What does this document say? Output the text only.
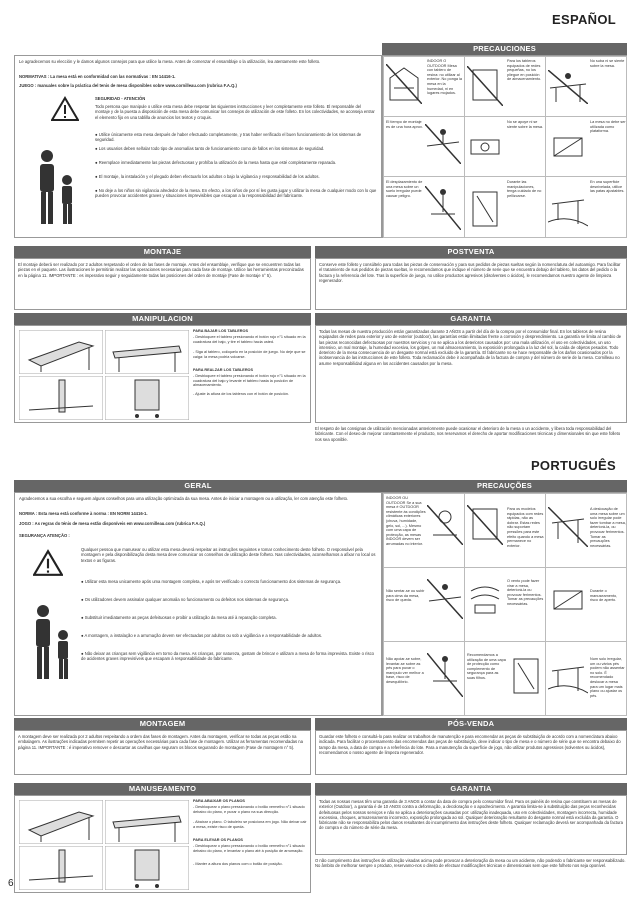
ESPAÑOL
Le agradecemos su elección y le damos algunos consejos para que utilice la mesa. Antes de comenzar el ensamblaje o la utilización, lea atentamente este folleto.
NORMATIVAS : La mesa está en conformidad con las normativas : EN 14416-1.
JUEGO : manuales sobre la práctica del tenis de mesa disponibles sobre www.cornilleau.com (rubrica F.A.Q.)
SEGURIDAD - ATENCIÓN
Todo persona que manipule o utilice esta mesa debe respetar las siguientes instrucciones y leer completamente este folleto. El responsable del montaje y de la puesta a disposición de esta mesa debe comunicar los consejos de utilización de este folleto. En los colectividades, se aconseja entrar el elemento fijo en una tablilla de anuncios los textos y croquis.
● Utilice únicamente esta mesa después de haber efectuado completamente, y tras haber verificado el buen funcionamiento de los sistemas de seguridad.
● Los usuarios deben señalar todo tipo de anomalías tanto de funcionamiento como de fallos en los sistemas de seguridad.
● Reemplace inmediatamente las piezas defectuosas y prohíba la utilización de la mesa hasta que esté completamente reparada.
● El montaje, la instalación y el plegado deben efectuarlo los adultos o bajo la vigilancia y responsabilidad de los adultos.
● No deje a los niños sin vigilancia alrededor de la mesa. En efecto, a los niños de por sí les gusta jugar y utilizar la mesa de cualquier modo con lo que pueden provocar accidentes graves y situaciones imprevisibles que escapan a la responsabilidad del fabricante.
PRECAUCIONES
INDOOR O OUTDOOR Mesa con tablero de resina: no utilizar al exterior. No ponga la mesa en la humedad, ni en lugares mojados.
Para los tableros equipados de redes pequeñas, no los pliegue en posición de almacenamiento.
No suba ni se siente sobre la mesa.
El tiempo de montaje es de una hora aprox.
No se apoye ni se siente sobre la mesa.
La mesa no debe ser utilizada como plataforma.
El desplazamiento de una mesa sobre un suelo irregular puede causar peligro.
Durante las manipulaciones, tenga cuidado de no pellizcarse.
En una superficie desnivelada, utilice las patas ajustables.
MONTAJE
El montaje deberá ser realizado por 2 adultos respetando el orden de las fases de montaje. Antes del ensamblaje, verifique que se encuentren todas las piezas en el paquete. Las ilustraciones le permitirán realizar las operaciones necesarias para cada fase de montaje. Utilice las herramientas preconizadas en la página 11. IMPORTANTE : es imperativo seguir y seguidamente todas las posiciones del orden de montaje (Fase de montaje n° 5).
POSTVENTA
Conserve este folleto y consúltelo para todas las piezas de conservación y para sus pedidos de piezas sueltas según la nomenclatura del autoamigo. Para facilitar el tratamiento de sus pedidos de piezas sueltas, le recomendamos que indique el número de serie que se encuentra debajo del tablero, los datos del pedido o la factura y la referencia del lote. Tras la superficie de juego, no utilice productos agresivos (disolventes o ácidos), le recomendamos nuestro agente de limpieza regenerador.
MANIPULACION
PARA BAJAR LOS TABLEROS
- Desbloquee el tablero presionando el botón rojo n°1 situado en la cuadratura del bajo, y tire el tablero hacia usted.
- Siga al tablero, colóquelo en la posición de juego. No deje que se caiga: la mesa podría volcarse.
PARA REALZAR LOS TABLEROS
- Desbloquee el tablero presionando el botón rojo n°1 situado en la cuadratura del bajo y levante el tablero hasta la posición de almacenamiento.
- Ajuste la altura de los tableros con el botón de posición.
GARANTIA
Todas las mesas de nuestra producción están garantizadas durante 3 AÑOS a partir del día de la compra por el consumidor final. En los tableros de resina equipados de redes para exterior y uso de exterior (outdoor), las garantías están ilimitadas frente a corrosión y desprendimiento. La garantía se limita al cambio de las piezas reconocidas defectuosas por nuestros servicios y no se aplica a los deterioros causados por: una mala utilización, el uso en colectividades, un uso intensivo, un mal montaje, la humedad excesiva, los golpes, un mal almacenamiento, la exposición prolongada a la luz del sol, la caída de objetos pesados. Todo deterioro de la mesa consecuencia de un desgaste normal está excluido de la garantía. El fabricante no se hace responsable de los daños ocasionados por la inobservancia de las instrucciones de este folleto. Toda reclamación debe ir acompañada de la factura de compra y del número de serie de la mesa. Cornilleau no asume responsabilidad alguna en los accidentes causados por la mesa.
El respeto de las consignas de utilización mencionadas anteriormente puede ocasionar el deterioro de la mesa o un accidente, y libera toda responsabilidad del fabricante. Con el deseo de mejorar constantemente el producto, nos reservamos el derecho de aportar modificaciones técnicas y dimensionales sin que este folleto nos sea oponible.
PORTUGUÊS
GERAL
Agradecemos a sua escolha e seguem alguns conselhos para uma utilização optimizada da sua mesa. Antes de iniciar a montagem ou a utilização, ler com atenção este folheto.
NORMA : Esta mesa está conforme à norma : EN NORM 14416-1.
JOGO : As regras do ténis de mesa estão disponíveis em www.cornilleau.com (rubrica F.A.Q.)
SEGURANÇA ATENÇÃO :
Qualquer pessoa que manusear ou utilizar esta mesa deverá respeitar as instruções seguintes e tomar conhecimento deste folheto. O responsável pela montagem e pela disponibilização desta mesa deve comunicar os conselhos de utilização deste folheto. Nas colectividades, aconselhamos a afixar no local os textos e as figuras.
● Utilizar esta mesa unicamente após uma montagem completa, e após ter verificado o correcto funcionamento dos sistemas de segurança.
● Os utilizadores devem assinalar qualquer anomalia no funcionamento ou defeitos nos sistemas de segurança.
● Substituir imediatamente as peças defeituosas e proibir a utilização da mesa até à reparação completa.
● A montagem, a instalação e a arrumação devem ser efectuadas por adultos ou sob a vigilância e a responsabilidade de adultos.
● Não deixar as crianças sem vigilância em torno da mesa. As crianças, por natureza, gostam de brincar e utilizam a mesa de forma imprevista. Existe o risco de acidentes graves imprevisíveis que escapam à responsabilidade do fabricante.
PRECAUÇÕES
INDOOR OU OUTDOOR Se a sua mesa é OUTDOOR resistente às condições climáticas exteriores (chuva, humidade, gelo, sol, ...). Mesmo com uma capa de protecção, as mesas INDOOR devem ser arrumadas no interior.
Para os modelos equipados com redes rápidas, não as dobrar. Estas redes não suportam pressões para este efeito quando a mesa permanece no exterior.
A deslocação de uma mesa sobre um solo irregular pode fazer tombar a mesa, deteriorá-la, ou provocar ferimentos. Tomar as precauções necessárias.
Não sentar-se ou subir para cima da mesa, risco de queda.
O vento pode fazer virar a mesa, deteriorá-la ou provocar ferimentos. Tomar as precauções necessárias.
Durante o manuseamento, risco de aperto.
Não apoiar-se sobre, levantar-se sobre as pés para puxar o manípulo ver melhor a base, risco de desequilíbrio.
Recomendamos a utilização de uma capa de protecção como complemento de segurança para as suas filhos.
Num solo irregular, um ou vários pés podem não assentar no solo. É recomendado deslocar a mesa para um lugar mais plano ou ajustar os pés.
MONTAGEM
A montagem deve ser realizada por 2 adultos respeitando a ordem das fases de montagem. Antes da montagem, verificar se todas as peças estão na embalagem. As ilustrações indicadas permitem repetir as operações necessárias para cada fase de montagem. Utilizar as ferramentas recomendadas na página 11. IMPORTANTE : é imperativo remover e descartar as cavilhas que seguram os blocos segurando de montagem (Fase de montagem n° 5).
PÓS-VENDA
Guardar este folheto e consultá-lo para realizar os trabalhos de manutenção e para encomendar as peças de substituição de acordo com a nomenclatura abaixo indicada. Para facilitar o processamento das encomendas das peças de substituição, deve indicar o tipo de mesa e o número de série que se encontra debaixo do tampo da mesa, a data de compra e a referência do lote. Para a manutenção da superfície de jogo, não utilizar produtos agressivos (solventes ou ácidos), recomendamos o nosso agente de limpeza regenerador.
MANUSEAMENTO
PARA ABAIXAR OS PLANOS
- Desbloquear o plano pressionando o botão vermelho n°1 situado debaixo do plano, e puxar o plano na sua direcção.
- Abaixar o plano. O tabuleiro se posiciona em jogo. Não deixar cair a mesa, existe risco de queda.
PARA ELEVAR OS PLANOS
- Desbloquear o plano pressionando o botão vermelho n°1 situado debaixo do plano, e levantar o plano até à posição de arrumação.
- Manter a altura dos planos com o botão de posição.
GARANTIA
Todas as nossas mesas têm uma garantia de 3 ANOS a contar da data de compra pelo consumidor final. Para os painéis de resina que constituem as mesas de exterior (Outdoor), a garantia é de 10 ANOS contra a deformação, a decoloração e o apodrecimento. A garantia limita-se à substituição das peças reconhecidas defeituosas pelos nossos serviços e não se aplica a deteriorações causadas por: utilização inadequada, uso em colectividades, montagem incorrecta, humidade excessiva, choques, armazenamento incorrecto, exposição prolongada ao sol. Qualquer deterioração resultante do desgaste normal está excluída da garantia. O fabricante não se responsabiliza pelos danos resultantes do incumprimento das instruções deste folheto. Qualquer reclamação deverá ser acompanhada da factura de compra e do número de série da mesa.
O não cumprimento das instruções de utilização visadas acima pode provocar a deterioração da mesa ou um acidente, não podendo o fabricante ser responsabilizado. No âmbito de melhorar sempre o produto, reservamo-nos o direito de efectuar modificações técnicas e dimensionais sem que este folheto nos seja oponível.
6
